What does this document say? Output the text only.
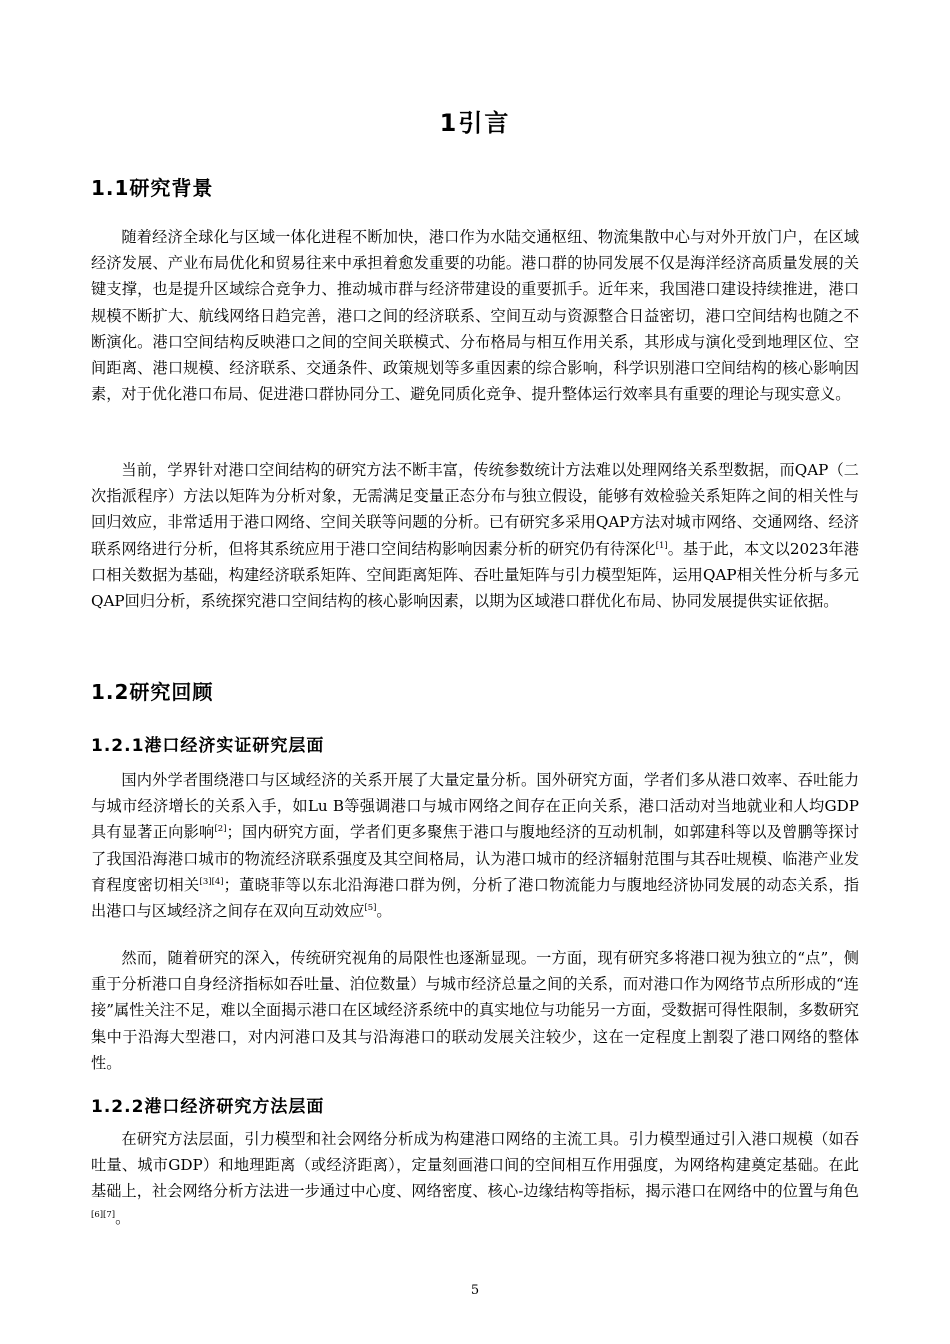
1引言
1.1研究背景

随着经济全球化与区域一体化进程不断加快，港口作为水陆交通枢纽、物流集散中心与对外开放门户，在区域经济发展、产业布局优化和贸易往来中承担着愈发重要的功能。港口群的协同发展不仅是海洋经济高质量发展的关键支撑，也是提升区域综合竞争力、推动城市群与经济带建设的重要抓手。近年来，我国港口建设持续推进，港口规模不断扩大、航线网络日趋完善，港口之间的经济联系、空间互动与资源整合日益密切，港口空间结构也随之不断演化。港口空间结构反映港口之间的空间关联模式、分布格局与相互作用关系，其形成与演化受到地理区位、空间距离、港口规模、经济联系、交通条件、政策规划等多重因素的综合影响，科学识别港口空间结构的核心影响因素，对于优化港口布局、促进港口群协同分工、避免同质化竞争、提升整体运行效率具有重要的理论与现实意义。

当前，学界针对港口空间结构的研究方法不断丰富，传统参数统计方法难以处理网络关系型数据，而QAP（二次指派程序）方法以矩阵为分析对象，无需满足变量正态分布与独立假设，能够有效检验关系矩阵之间的相关性与回归效应，非常适用于港口网络、空间关联等问题的分析。已有研究多采用QAP方法对城市网络、交通网络、经济联系网络进行分析，但将其系统应用于港口空间结构影响因素分析的研究仍有待深化[1]。基于此，本文以2023年港口相关数据为基础，构建经济联系矩阵、空间距离矩阵、吞吐量矩阵与引力模型矩阵，运用QAP相关性分析与多元QAP回归分析，系统探究港口空间结构的核心影响因素，以期为区域港口群优化布局、协同发展提供实证依据。

1.2研究回顾
1.2.1港口经济实证研究层面

国内外学者围绕港口与区域经济的关系开展了大量定量分析。国外研究方面，学者们多从港口效率、吞吐能力与城市经济增长的关系入手，如Lu B等强调港口与城市网络之间存在正向关系，港口活动对当地就业和人均GDP具有显著正向影响[2]；国内研究方面，学者们更多聚焦于港口与腹地经济的互动机制，如郭建科等以及曾鹏等探讨了我国沿海港口城市的物流经济联系强度及其空间格局，认为港口城市的经济辐射范围与其吞吐规模、临港产业发育程度密切相关[3][4]；董晓菲等以东北沿海港口群为例，分析了港口物流能力与腹地经济协同发展的动态关系，指出港口与区域经济之间存在双向互动效应[5]。

然而，随着研究的深入，传统研究视角的局限性也逐渐显现。一方面，现有研究多将港口视为独立的“点”，侧重于分析港口自身经济指标如吞吐量、泊位数量）与城市经济总量之间的关系，而对港口作为网络节点所形成的“连接”属性关注不足，难以全面揭示港口在区域经济系统中的真实地位与功能另一方面，受数据可得性限制，多数研究集中于沿海大型港口，对内河港口及其与沿海港口的联动发展关注较少，这在一定程度上割裂了港口网络的整体性。

1.2.2港口经济研究方法层面

在研究方法层面，引力模型和社会网络分析成为构建港口网络的主流工具。引力模型通过引入港口规模（如吞吐量、城市GDP）和地理距离（或经济距离），定量刻画港口间的空间相互作用强度，为网络构建奠定基础。在此基础上，社会网络分析方法进一步通过中心度、网络密度、核心-边缘结构等指标，揭示港口在网络中的位置与角色[6][7]。

5
